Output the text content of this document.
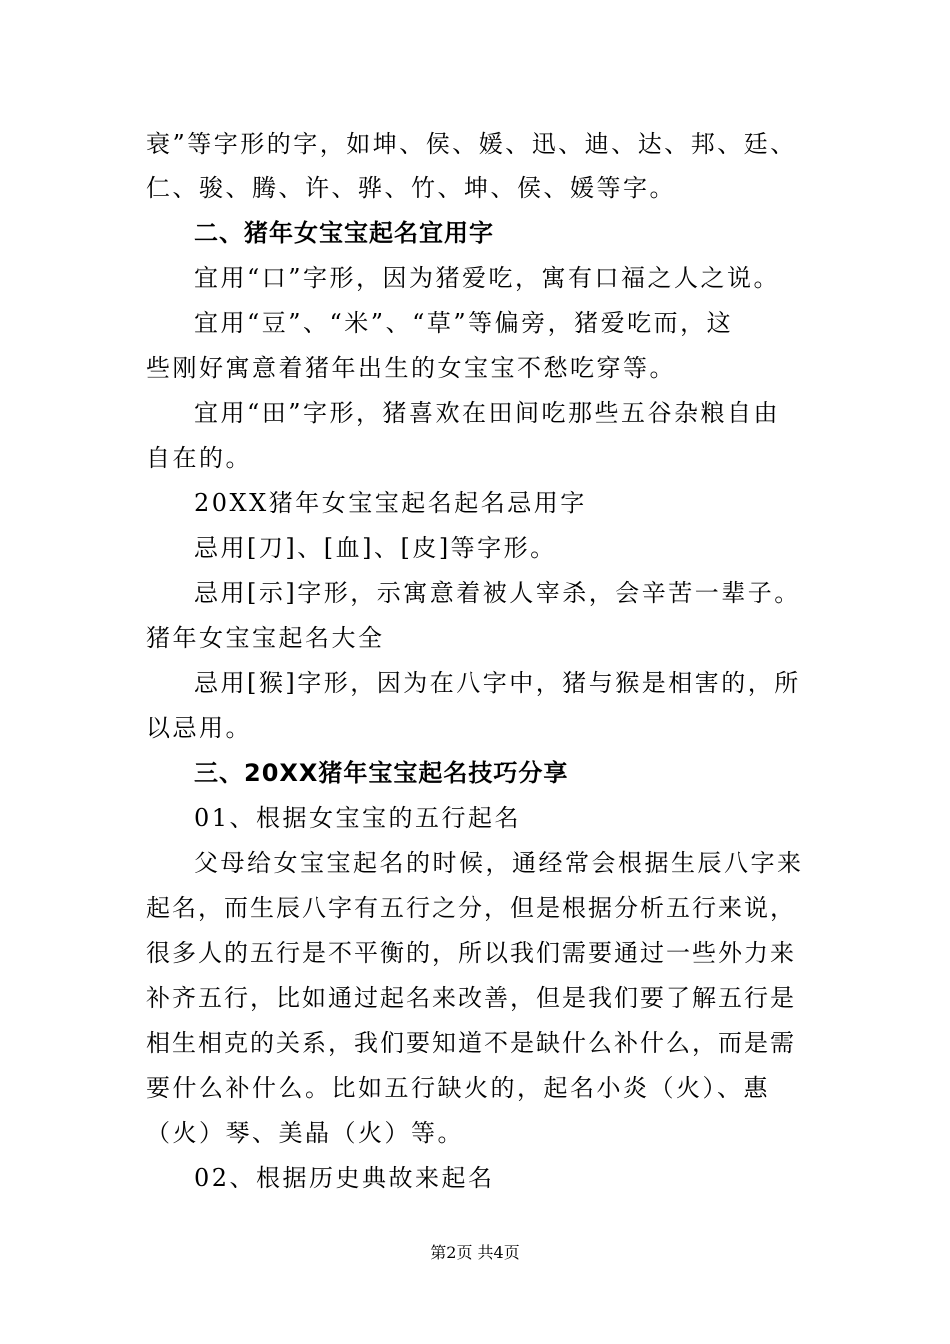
衰”等字形的字，如坤、侯、媛、迅、迪、达、邦、廷、
仁、骏、腾、许、骅、竹、坤、侯、媛等字。
二、猪年女宝宝起名宜用字
宜用“口”字形，因为猪爱吃，寓有口福之人之说。
宜用“豆”、“米”、“草”等偏旁，猪爱吃而，这
些刚好寓意着猪年出生的女宝宝不愁吃穿等。
宜用“田”字形，猪喜欢在田间吃那些五谷杂粮自由
自在的。
20XX猪年女宝宝起名起名忌用字
忌用[刀]、[血]、[皮]等字形。
忌用[示]字形，示寓意着被人宰杀，会辛苦一辈子。
猪年女宝宝起名大全
忌用[猴]字形，因为在八字中，猪与猴是相害的，所
以忌用。
三、20XX猪年宝宝起名技巧分享
01、根据女宝宝的五行起名
父母给女宝宝起名的时候，通经常会根据生辰八字来
起名，而生辰八字有五行之分，但是根据分析五行来说，
很多人的五行是不平衡的，所以我们需要通过一些外力来
补齐五行，比如通过起名来改善，但是我们要了解五行是
相生相克的关系，我们要知道不是缺什么补什么，而是需
要什么补什么。比如五行缺火的，起名小炎（火）、惠
（火）琴、美晶（火）等。
02、根据历史典故来起名
第2页 共4页
